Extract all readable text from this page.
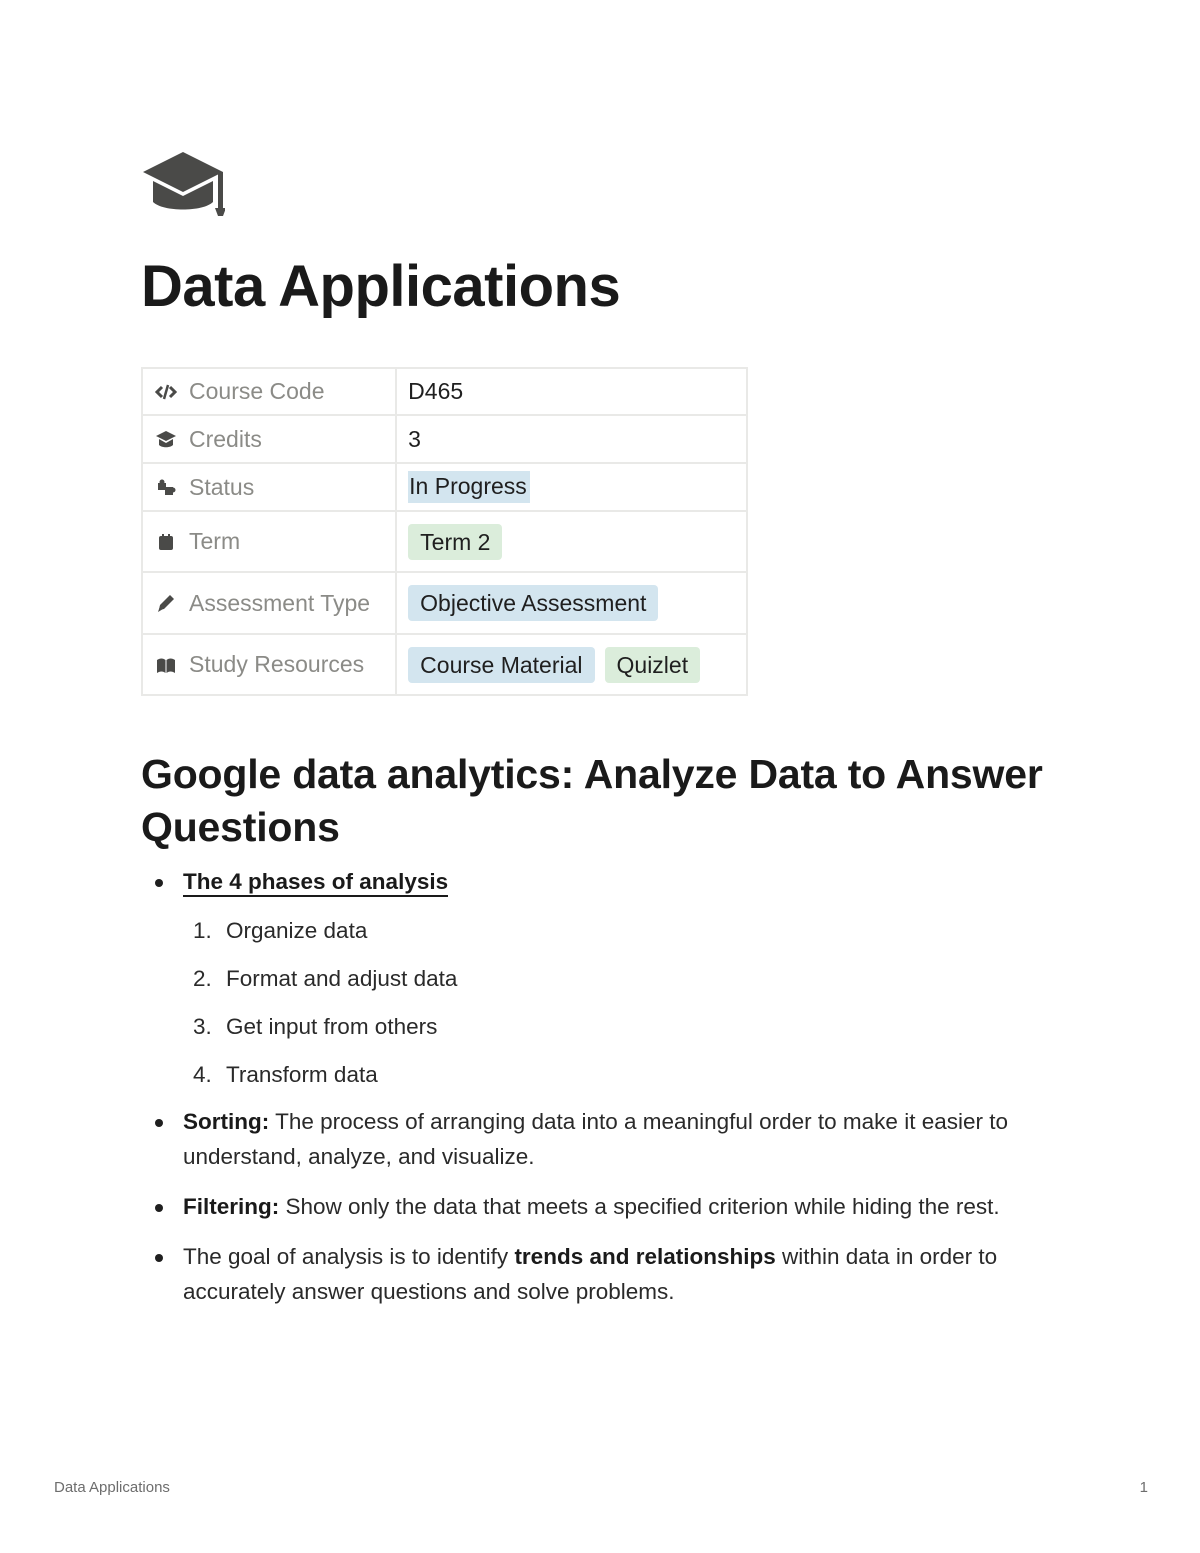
Data Applications
Course Code	D465

Credits	3

Status	In Progress

Term	Term 2

Assessment Type	Objective Assessment

Study Resources	Course Material Quizlet
Google data analytics: Analyze Data to Answer Questions
The 4 phases of analysis
1. Organize data
2. Format and adjust data
3. Get input from others
4. Transform data
Sorting: The process of arranging data into a meaningful order to make it easier to understand, analyze, and visualize.
Filtering: Show only the data that meets a specified criterion while hiding the rest.
The goal of analysis is to identify trends and relationships within data in order to accurately answer questions and solve problems.
Data Applications	1
